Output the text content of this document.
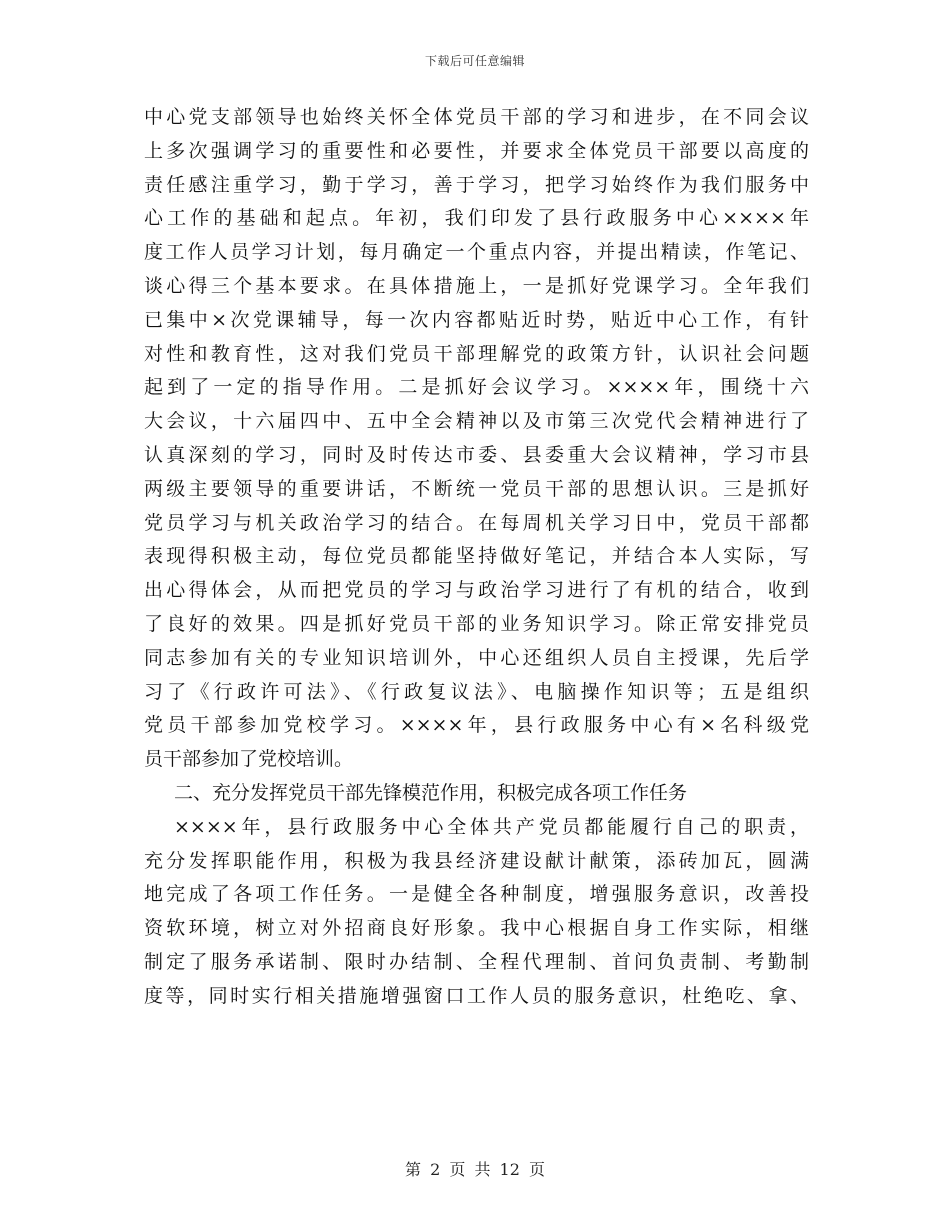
下载后可任意编辑
中心党支部领导也始终关怀全体党员干部的学习和进步，在不同会议
上多次强调学习的重要性和必要性，并要求全体党员干部要以高度的
责任感注重学习，勤于学习，善于学习，把学习始终作为我们服务中
心工作的基础和起点。年初，我们印发了县行政服务中心××××年
度工作人员学习计划，每月确定一个重点内容，并提出精读，作笔记、
谈心得三个基本要求。在具体措施上，一是抓好党课学习。全年我们
已集中×次党课辅导，每一次内容都贴近时势，贴近中心工作，有针
对性和教育性，这对我们党员干部理解党的政策方针，认识社会问题
起到了一定的指导作用。二是抓好会议学习。××××年，围绕十六
大会议，十六届四中、五中全会精神以及市第三次党代会精神进行了
认真深刻的学习，同时及时传达市委、县委重大会议精神，学习市县
两级主要领导的重要讲话，不断统一党员干部的思想认识。三是抓好
党员学习与机关政治学习的结合。在每周机关学习日中，党员干部都
表现得积极主动，每位党员都能坚持做好笔记，并结合本人实际，写
出心得体会，从而把党员的学习与政治学习进行了有机的结合，收到
了良好的效果。四是抓好党员干部的业务知识学习。除正常安排党员
同志参加有关的专业知识培训外，中心还组织人员自主授课，先后学
习了《行政许可法》、《行政复议法》、电脑操作知识等；五是组织
党员干部参加党校学习。××××年，县行政服务中心有×名科级党
员干部参加了党校培训。
二、充分发挥党员干部先锋模范作用，积极完成各项工作任务
××××年，县行政服务中心全体共产党员都能履行自己的职责，
充分发挥职能作用，积极为我县经济建设献计献策，添砖加瓦，圆满
地完成了各项工作任务。一是健全各种制度，增强服务意识，改善投
资软环境，树立对外招商良好形象。我中心根据自身工作实际，相继
制定了服务承诺制、限时办结制、全程代理制、首问负责制、考勤制
度等，同时实行相关措施增强窗口工作人员的服务意识，杜绝吃、拿、
第 2 页 共 12 页
